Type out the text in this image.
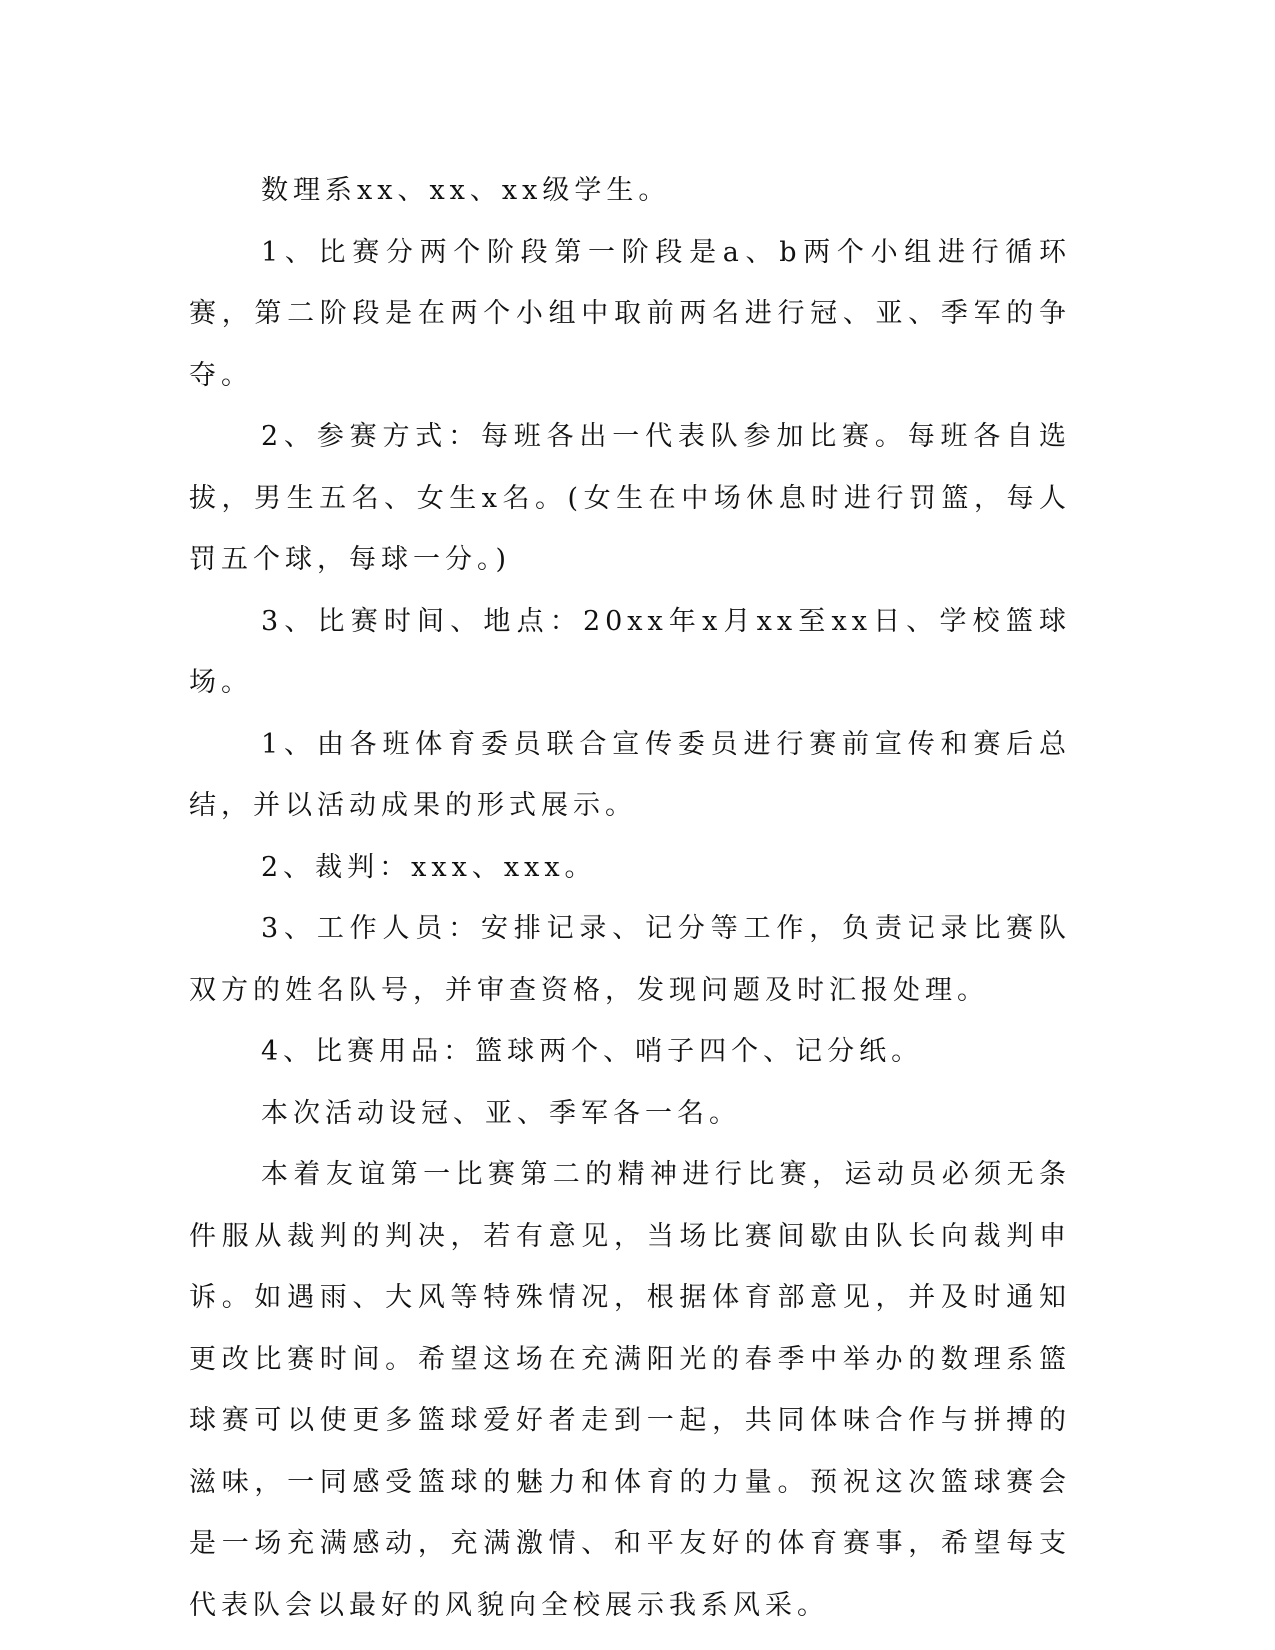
数理系xx、xx、xx级学生。

1、比赛分两个阶段第一阶段是a、b两个小组进行循环赛，第二阶段是在两个小组中取前两名进行冠、亚、季军的争夺。

2、参赛方式：每班各出一代表队参加比赛。每班各自选拔，男生五名、女生x名。(女生在中场休息时进行罚篮，每人罚五个球，每球一分。)

3、比赛时间、地点：20xx年x月xx至xx日、学校篮球场。

1、由各班体育委员联合宣传委员进行赛前宣传和赛后总结，并以活动成果的形式展示。

2、裁判：xxx、xxx。

3、工作人员：安排记录、记分等工作，负责记录比赛队双方的姓名队号，并审查资格，发现问题及时汇报处理。

4、比赛用品：篮球两个、哨子四个、记分纸。

本次活动设冠、亚、季军各一名。

本着友谊第一比赛第二的精神进行比赛，运动员必须无条件服从裁判的判决，若有意见，当场比赛间歇由队长向裁判申诉。如遇雨、大风等特殊情况，根据体育部意见，并及时通知更改比赛时间。希望这场在充满阳光的春季中举办的数理系篮球赛可以使更多篮球爱好者走到一起，共同体味合作与拼搏的滋味，一同感受篮球的魅力和体育的力量。预祝这次篮球赛会是一场充满感动，充满激情、和平友好的体育赛事，希望每支代表队会以最好的风貌向全校展示我系风采。
